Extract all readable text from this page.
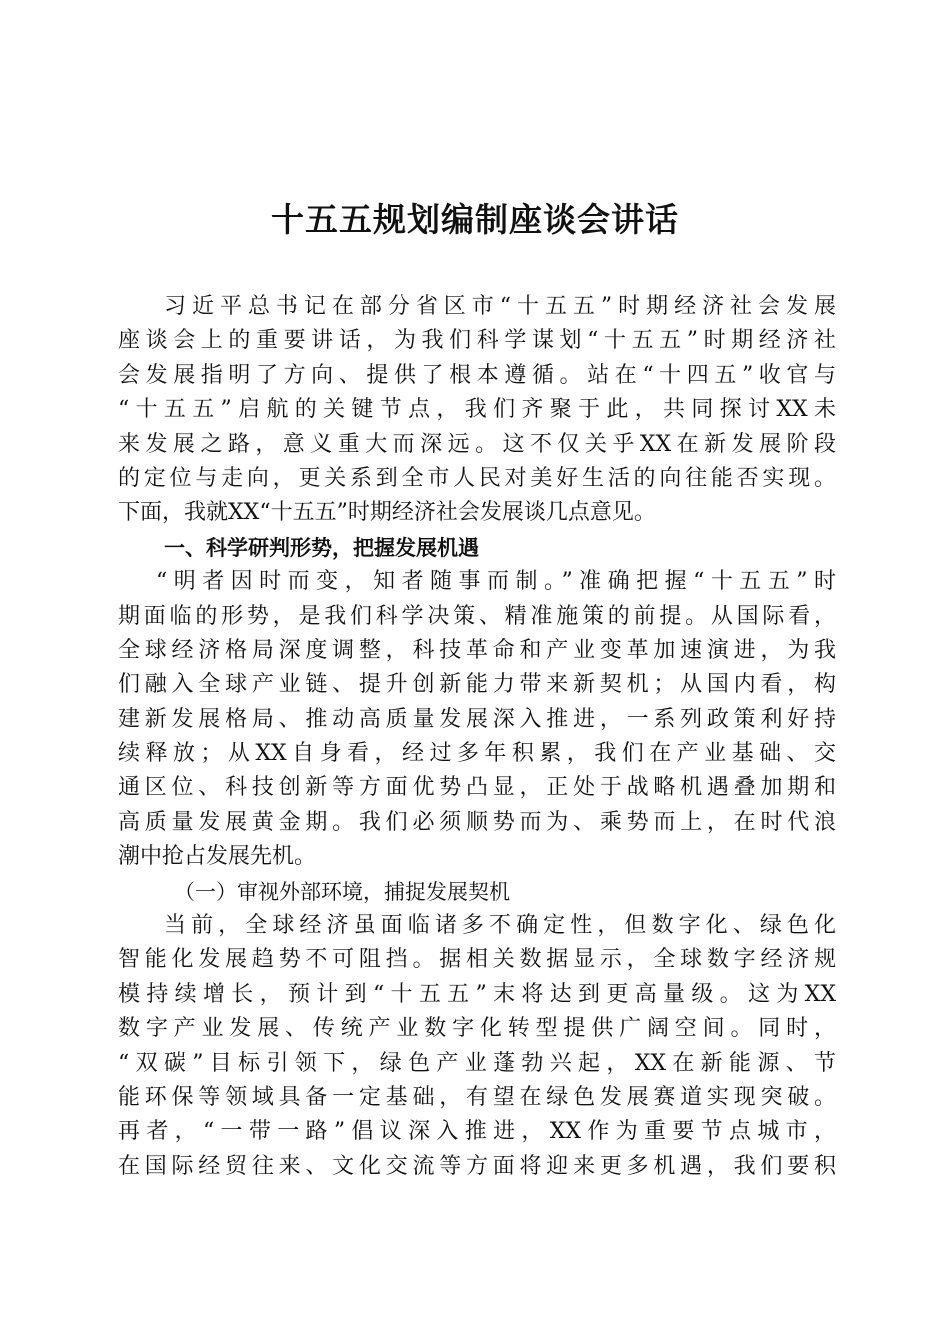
十五五规划编制座谈会讲话
习近平总书记在部分省区市“十五五”时期经济社会发展
座谈会上的重要讲话，为我们科学谋划“十五五”时期经济社
会发展指明了方向、提供了根本遵循。站在“十四五”收官与
“十五五”启航的关键节点，我们齐聚于此，共同探讨XX未
来发展之路，意义重大而深远。这不仅关乎XX在新发展阶段
的定位与走向，更关系到全市人民对美好生活的向往能否实现。
下面，我就XX“十五五”时期经济社会发展谈几点意见。
一、科学研判形势，把握发展机遇
“明者因时而变，知者随事而制。”准确把握“十五五”时
期面临的形势，是我们科学决策、精准施策的前提。从国际看，
全球经济格局深度调整，科技革命和产业变革加速演进，为我
们融入全球产业链、提升创新能力带来新契机；从国内看，构
建新发展格局、推动高质量发展深入推进，一系列政策利好持
续释放；从XX自身看，经过多年积累，我们在产业基础、交
通区位、科技创新等方面优势凸显，正处于战略机遇叠加期和
高质量发展黄金期。我们必须顺势而为、乘势而上，在时代浪
潮中抢占发展先机。
（一）审视外部环境，捕捉发展契机
当前，全球经济虽面临诸多不确定性，但数字化、绿色化
智能化发展趋势不可阻挡。据相关数据显示，全球数字经济规
模持续增长，预计到“十五五”末将达到更高量级。这为XX
数字产业发展、传统产业数字化转型提供广阔空间。同时，
“双碳”目标引领下，绿色产业蓬勃兴起，XX在新能源、节
能环保等领域具备一定基础，有望在绿色发展赛道实现突破。
再者，“一带一路”倡议深入推进，XX作为重要节点城市，
在国际经贸往来、文化交流等方面将迎来更多机遇，我们要积
